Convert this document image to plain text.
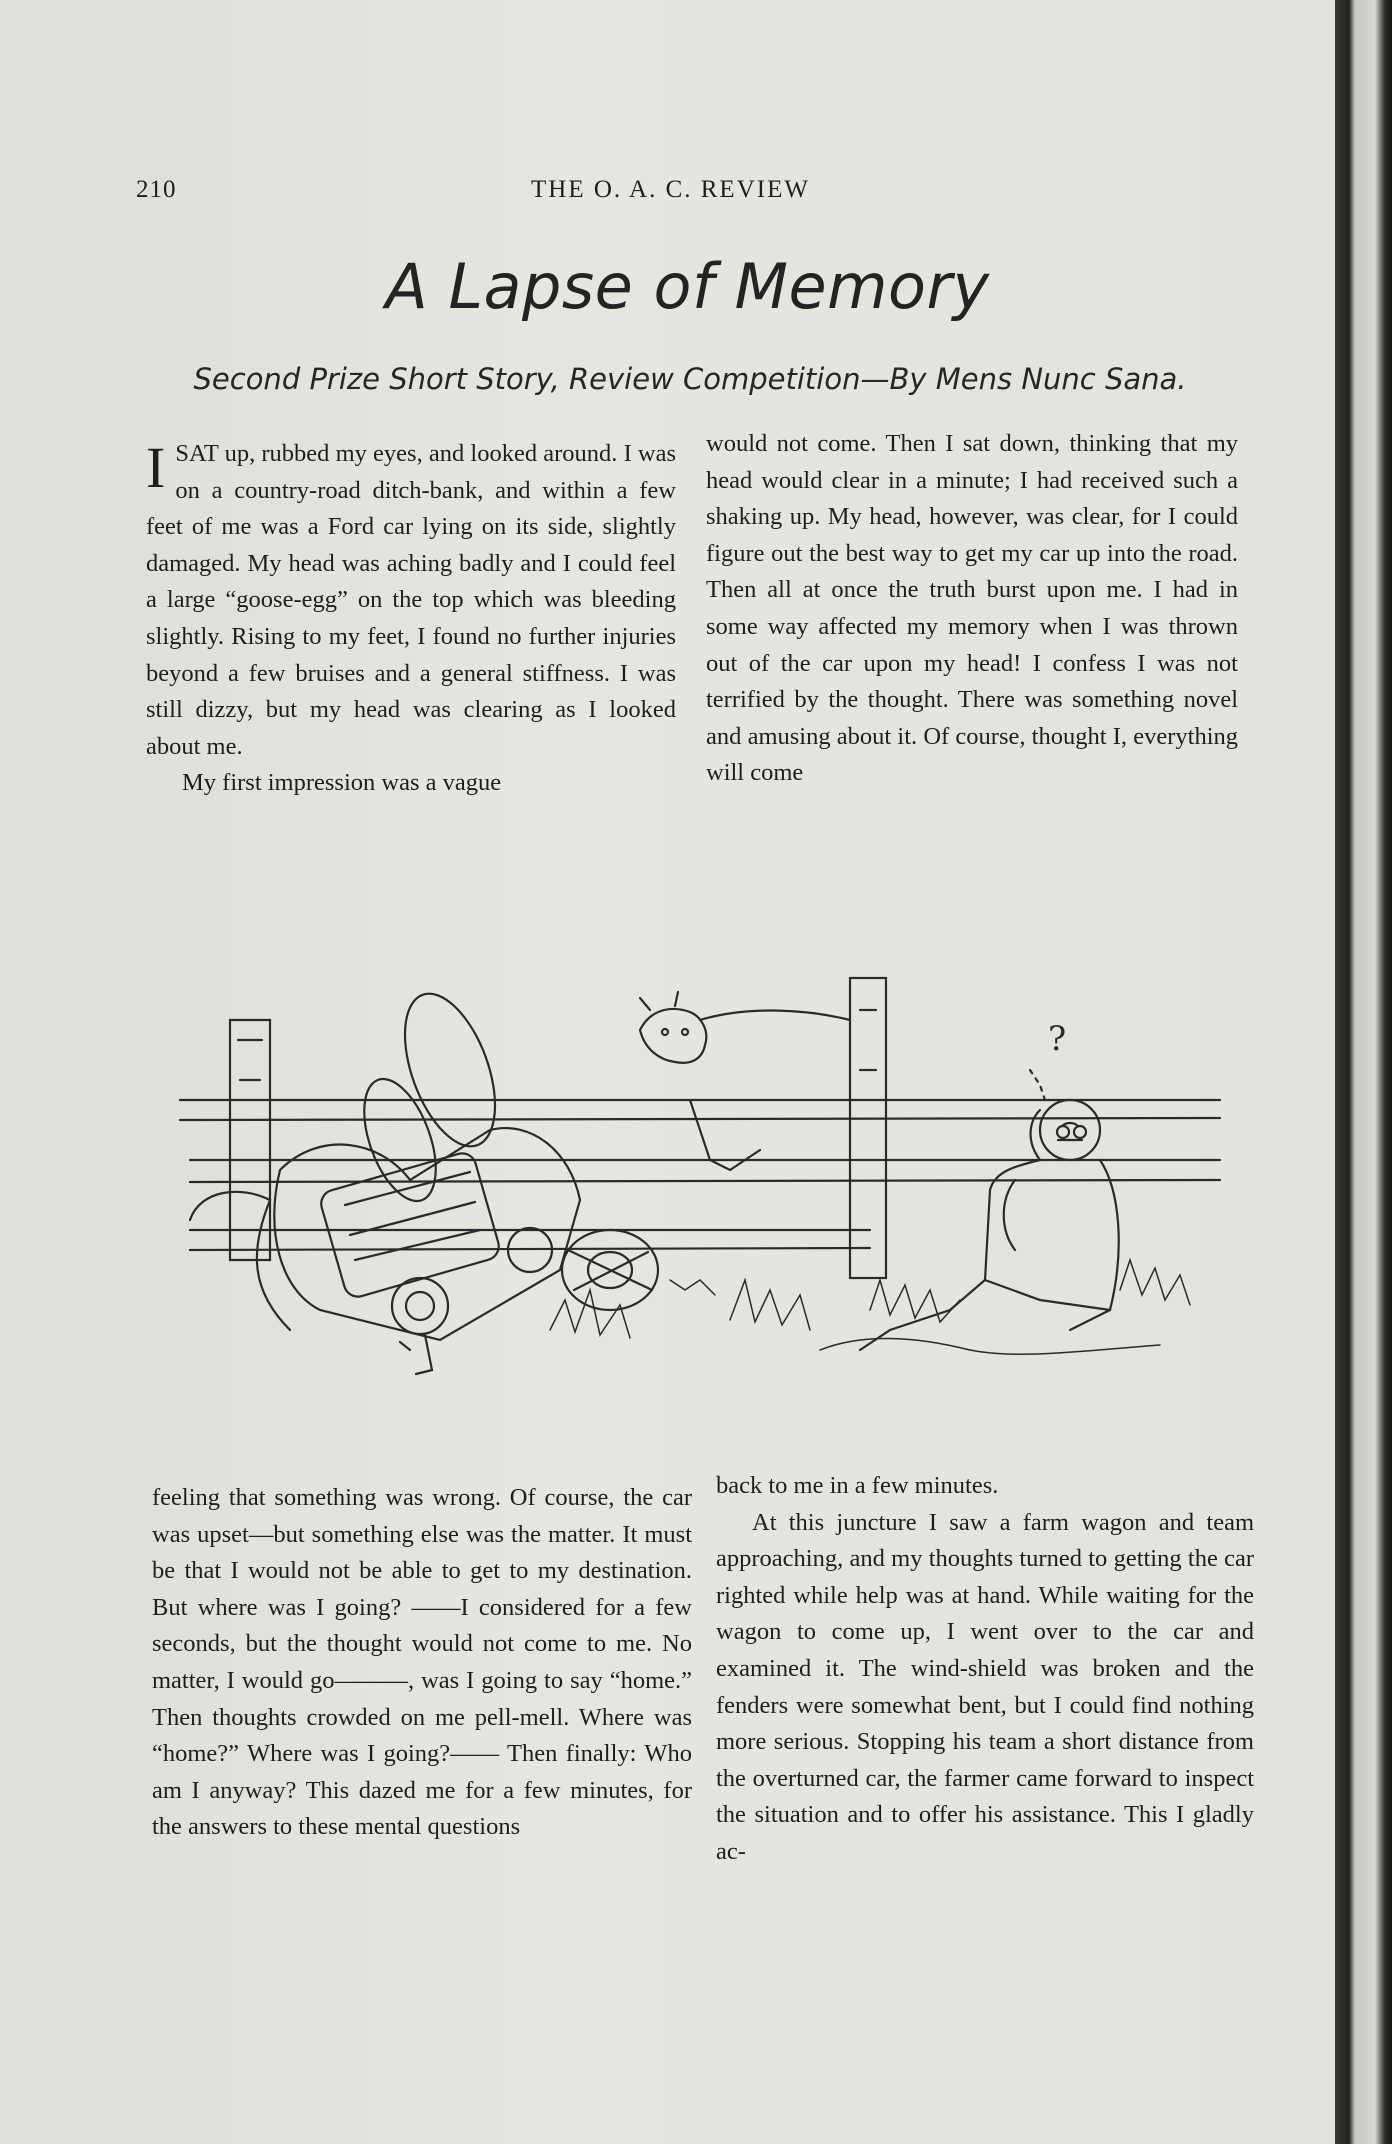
210	THE O. A. C. REVIEW
A Lapse of Memory
Second Prize Short Story, Review Competition—By Mens Nunc Sana.

ISAT up, rubbed my eyes, and looked around. I was on a country-road ditch-bank, and within a few feet of me was a Ford car lying on its side, slightly damaged. My head was aching badly and I could feel a large “goose-egg” on the top which was bleeding slightly. Rising to my feet, I found no further injuries beyond a few bruises and a general stiffness. I was still dizzy, but my head was clearing as I looked about me.

My first impression was a vague

would not come. Then I sat down, thinking that my head would clear in a minute; I had received such a shaking up. My head, however, was clear, for I could figure out the best way to get my car up into the road. Then all at once the truth burst upon me. I had in some way affected my memory when I was thrown out of the car upon my head! I confess I was not terrified by the thought. There was something novel and amusing about it. Of course, thought I, everything will come

?

feeling that something was wrong. Of course, the car was upset—but something else was the matter. It must be that I would not be able to get to my destination. But where was I going? ——I considered for a few seconds, but the thought would not come to me. No matter, I would go———, was I going to say “home.” Then thoughts crowded on me pell-mell. Where was “home?” Where was I going?—— Then finally: Who am I anyway? This dazed me for a few minutes, for the answers to these mental questions

back to me in a few minutes.

At this juncture I saw a farm wagon and team approaching, and my thoughts turned to getting the car righted while help was at hand. While waiting for the wagon to come up, I went over to the car and examined it. The wind-shield was broken and the fenders were somewhat bent, but I could find nothing more serious. Stopping his team a short distance from the overturned car, the farmer came forward to inspect the situation and to offer his assistance. This I gladly ac-
